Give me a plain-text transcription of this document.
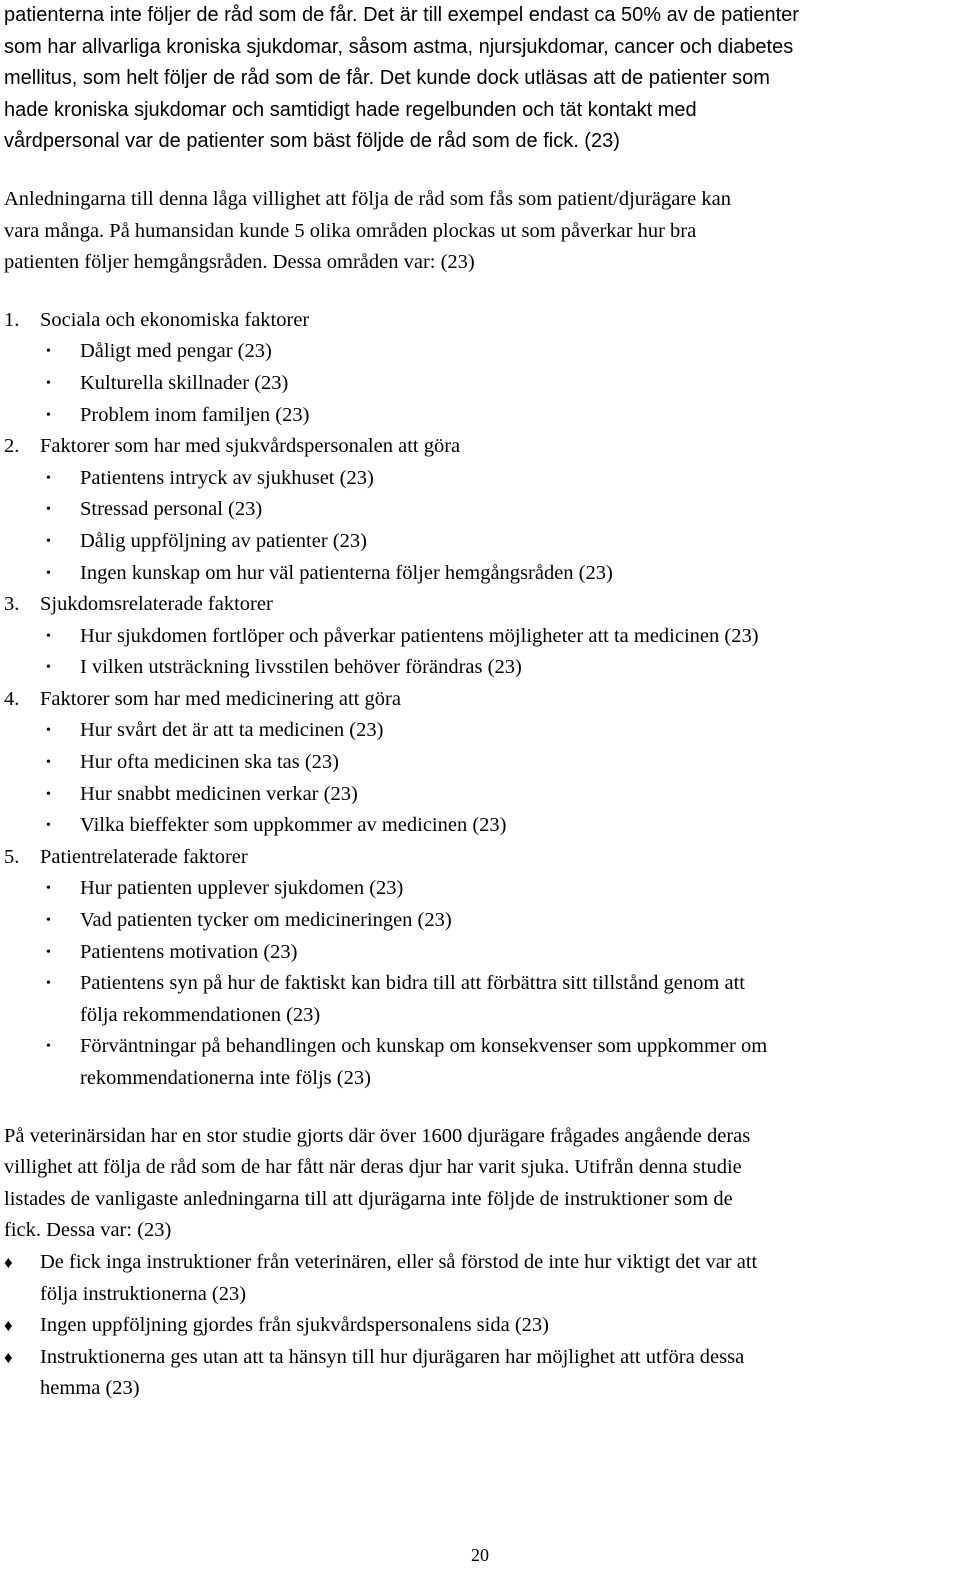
patienterna inte följer de råd som de får. Det är till exempel endast ca 50% av de patienter
som har allvarliga kroniska sjukdomar, såsom astma, njursjukdomar, cancer och diabetes
mellitus, som helt följer de råd som de får. Det kunde dock utläsas att de patienter som
hade kroniska sjukdomar och samtidigt hade regelbunden och tät kontakt med
vårdpersonal var de patienter som bäst följde de råd som de fick. (23)
Anledningarna till denna låga villighet att följa de råd som fås som patient/djurägare kan
vara många. På humansidan kunde 5 olika områden plockas ut som påverkar hur bra
patienten följer hemgångsråden. Dessa områden var: (23)
1. Sociala och ekonomiska faktorer
• Dåligt med pengar (23)
• Kulturella skillnader (23)
• Problem inom familjen (23)
2. Faktorer som har med sjukvårdspersonalen att göra
• Patientens intryck av sjukhuset (23)
• Stressad personal (23)
• Dålig uppföljning av patienter (23)
• Ingen kunskap om hur väl patienterna följer hemgångsråden (23)
3. Sjukdomsrelaterade faktorer
• Hur sjukdomen fortlöper och påverkar patientens möjligheter att ta medicinen (23)
• I vilken utsträckning livsstilen behöver förändras (23)
4. Faktorer som har med medicinering att göra
• Hur svårt det är att ta medicinen (23)
• Hur ofta medicinen ska tas (23)
• Hur snabbt medicinen verkar (23)
• Vilka bieffekter som uppkommer av medicinen (23)
5. Patientrelaterade faktorer
• Hur patienten upplever sjukdomen (23)
• Vad patienten tycker om medicineringen (23)
• Patientens motivation (23)
• Patientens syn på hur de faktiskt kan bidra till att förbättra sitt tillstånd genom att
följa rekommendationen (23)
• Förväntningar på behandlingen och kunskap om konsekvenser som uppkommer om
rekommendationerna inte följs (23)
På veterinärsidan har en stor studie gjorts där över 1600 djurägare frågades angående deras
villighet att följa de råd som de har fått när deras djur har varit sjuka. Utifrån denna studie
listades de vanligaste anledningarna till att djurägarna inte följde de instruktioner som de
fick. Dessa var: (23)
♦ De fick inga instruktioner från veterinären, eller så förstod de inte hur viktigt det var att
följa instruktionerna (23)
♦ Ingen uppföljning gjordes från sjukvårdspersonalens sida (23)
♦ Instruktionerna ges utan att ta hänsyn till hur djurägaren har möjlighet att utföra dessa
hemma (23)
20
